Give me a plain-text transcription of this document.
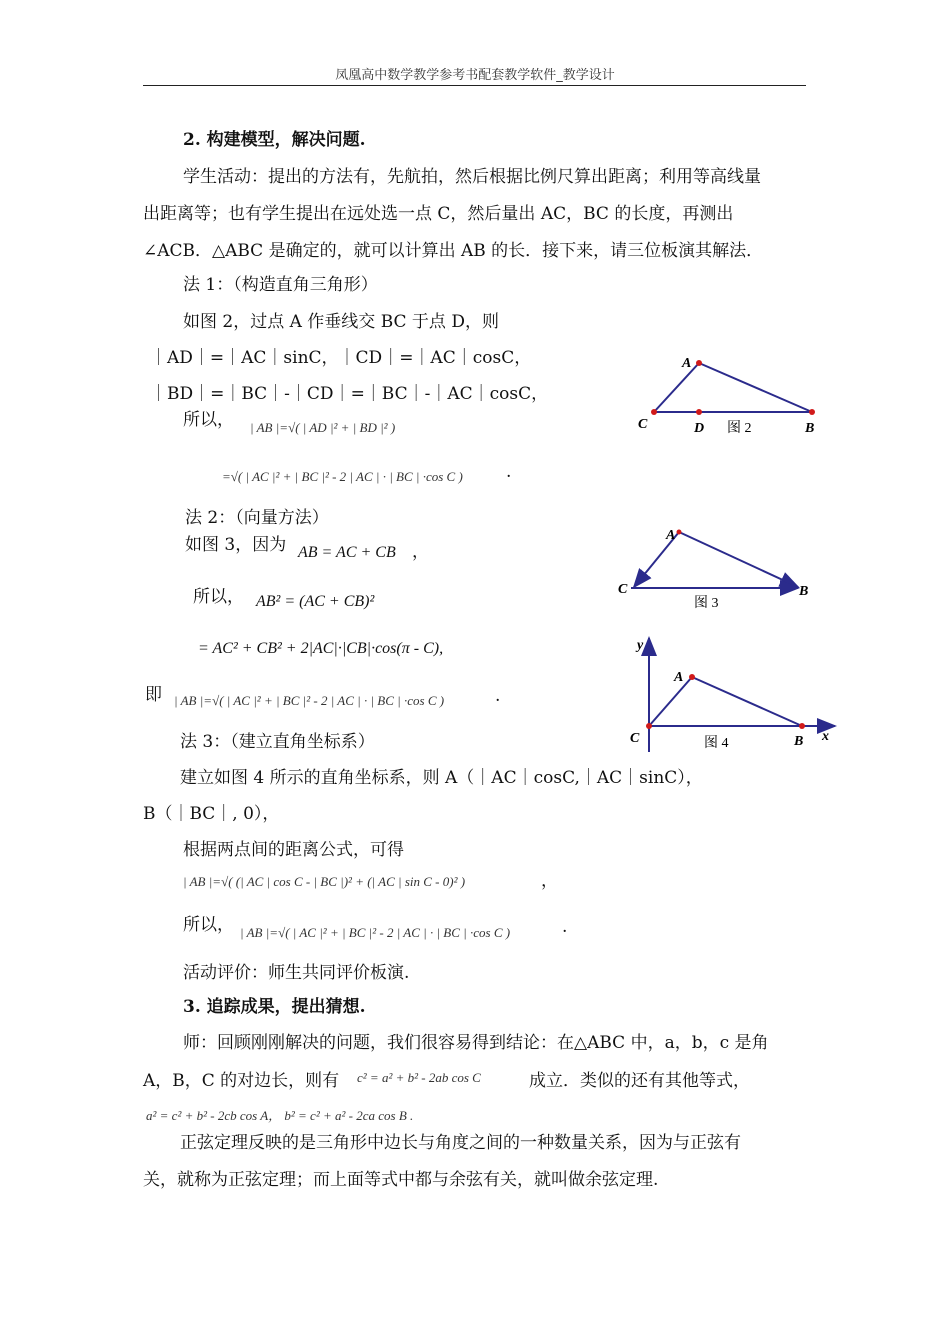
凤凰高中数学教学参考书配套教学软件_教学设计
2. 构建模型，解决问题.
学生活动：提出的方法有，先航拍，然后根据比例尺算出距离；利用等高线量
出距离等；也有学生提出在远处选一点 C，然后量出 AC，BC 的长度，再测出
∠ACB．△ABC 是确定的，就可以计算出 AB 的长．接下来，请三位板演其解法．
法 1：（构造直角三角形）
如图 2，过点 A 作垂线交 BC 于点 D，则
｜AD｜=｜AC｜sinC，｜CD｜=｜AC｜cosC，
｜BD｜=｜BC｜-｜CD｜=｜BC｜-｜AC｜cosC，
所以， | AB |=√( | AD |² + | BD |² )
=√( | AC |² + | BC |² - 2 | AC | · | BC | ·cos C )	.
法 2：（向量方法）
如图 3，因为 AB = AC + CB ，
所以， AB² = (AC + CB)²
= AC² + CB² + 2|AC|·|CB|·cos(π - C),
即 | AB |=√( | AC |² + | BC |² - 2 | AC | · | BC | ·cos C )	.
法 3：（建立直角坐标系）
建立如图 4 所示的直角坐标系，则 A（｜AC｜cosC,｜AC｜sinC），
B（｜BC｜, 0），
根据两点间的距离公式，可得
| AB |=√( (| AC | cos C - | BC |)² + (| AC | sin C - 0)² )	，
所以， | AB |=√( | AC |² + | BC |² - 2 | AC | · | BC | ·cos C )	.
活动评价：师生共同评价板演.
3. 追踪成果，提出猜想.
师：回顾刚刚解决的问题，我们很容易得到结论：在△ABC 中，a，b，c 是角
A，B，C 的对边长，则有 c² = a² + b² - 2ab cos C	成立．类似的还有其他等式，
a² = c² + b² - 2cb cos A， b² = c² + a² - 2ca cos B .
正弦定理反映的是三角形中边长与角度之间的一种数量关系，因为与正弦有
关，就称为正弦定理；而上面等式中都与余弦有关，就叫做余弦定理.
A
C	D	B
图 2
A
C	B
图 3
y
A
C	B x
图 4
